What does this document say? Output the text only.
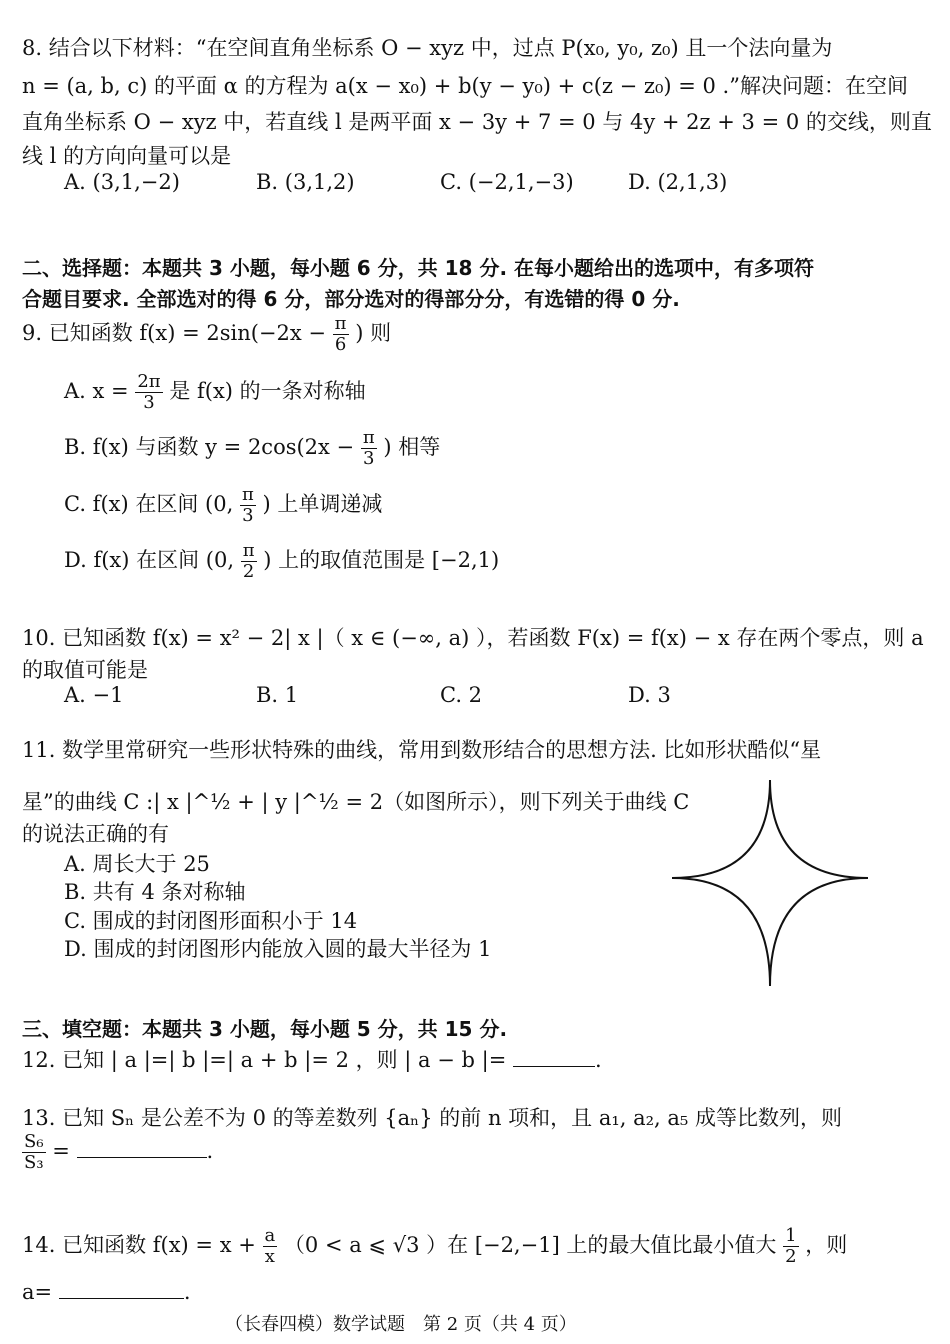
8. 结合以下材料：“在空间直角坐标系 O − xyz 中，过点 P(x₀, y₀, z₀) 且一个法向量为
n = (a, b, c) 的平面 α 的方程为 a(x − x₀) + b(y − y₀) + c(z − z₀) = 0 .”解决问题：在空间
直角坐标系 O − xyz 中，若直线 l 是两平面 x − 3y + 7 = 0 与 4y + 2z + 3 = 0 的交线，则直
线 l 的方向向量可以是
A. (3,1,−2)	B. (3,1,2)	C. (−2,1,−3)	D. (2,1,3)
二、选择题：本题共 3 小题，每小题 6 分，共 18 分. 在每小题给出的选项中，有多项符
合题目要求. 全部选对的得 6 分，部分选对的得部分分，有选错的得 0 分.
9. 已知函数 $f(x) = 2\sin(-2x - \frac{\pi}{6}$ ) 则
A. $x = \frac{2\pi}{3}$ 是 f(x) 的一条对称轴
B. f(x) 与函数 $y = 2\cos(2x - \frac{\pi}{3}$ ) 相等
C. f(x) 在区间 (0, $\frac{\pi}{3}$ ) 上单调递减
D. f(x) 在区间 (0, $\frac{\pi}{2}$ ) 上的取值范围是 [−2,1)
10. 已知函数 f(x) = x² − 2| x |（ x ∈ (−∞, a) ），若函数 F(x) = f(x) − x 存在两个零点，则 a
的取值可能是
A. −1	B. 1	C. 2	D. 3
11. 数学里常研究一些形状特殊的曲线，常用到数形结合的思想方法. 比如形状酷似“星
星”的曲线 C :| x |^½ + | y |^½ = 2（如图所示），则下列关于曲线 C
的说法正确的有
A. 周长大于 25
B. 共有 4 条对称轴
C. 围成的封闭图形面积小于 14
D. 围成的封闭图形内能放入圆的最大半径为 1
三、填空题：本题共 3 小题，每小题 5 分，共 15 分.
12. 已知 | a |=| b |=| a + b |= 2 ，则 | a − b |=	.
13. 已知 Sₙ 是公差不为 0 的等差数列 {aₙ} 的前 n 项和，且 a₁, a₂, a₅ 成等比数列，则
$\frac{\text{S₆}}{\text{S₃}}$ =	.
14. 已知函数 $f(x) = x + \frac{a}{x} (0 < a$ ⩽ √3 ）在 [−2,−1] 上的最大值比最小值大 $\frac{1}{2}$ ，则
a=	.
（长春四模）数学试题　第 2 页（共 4 页）
